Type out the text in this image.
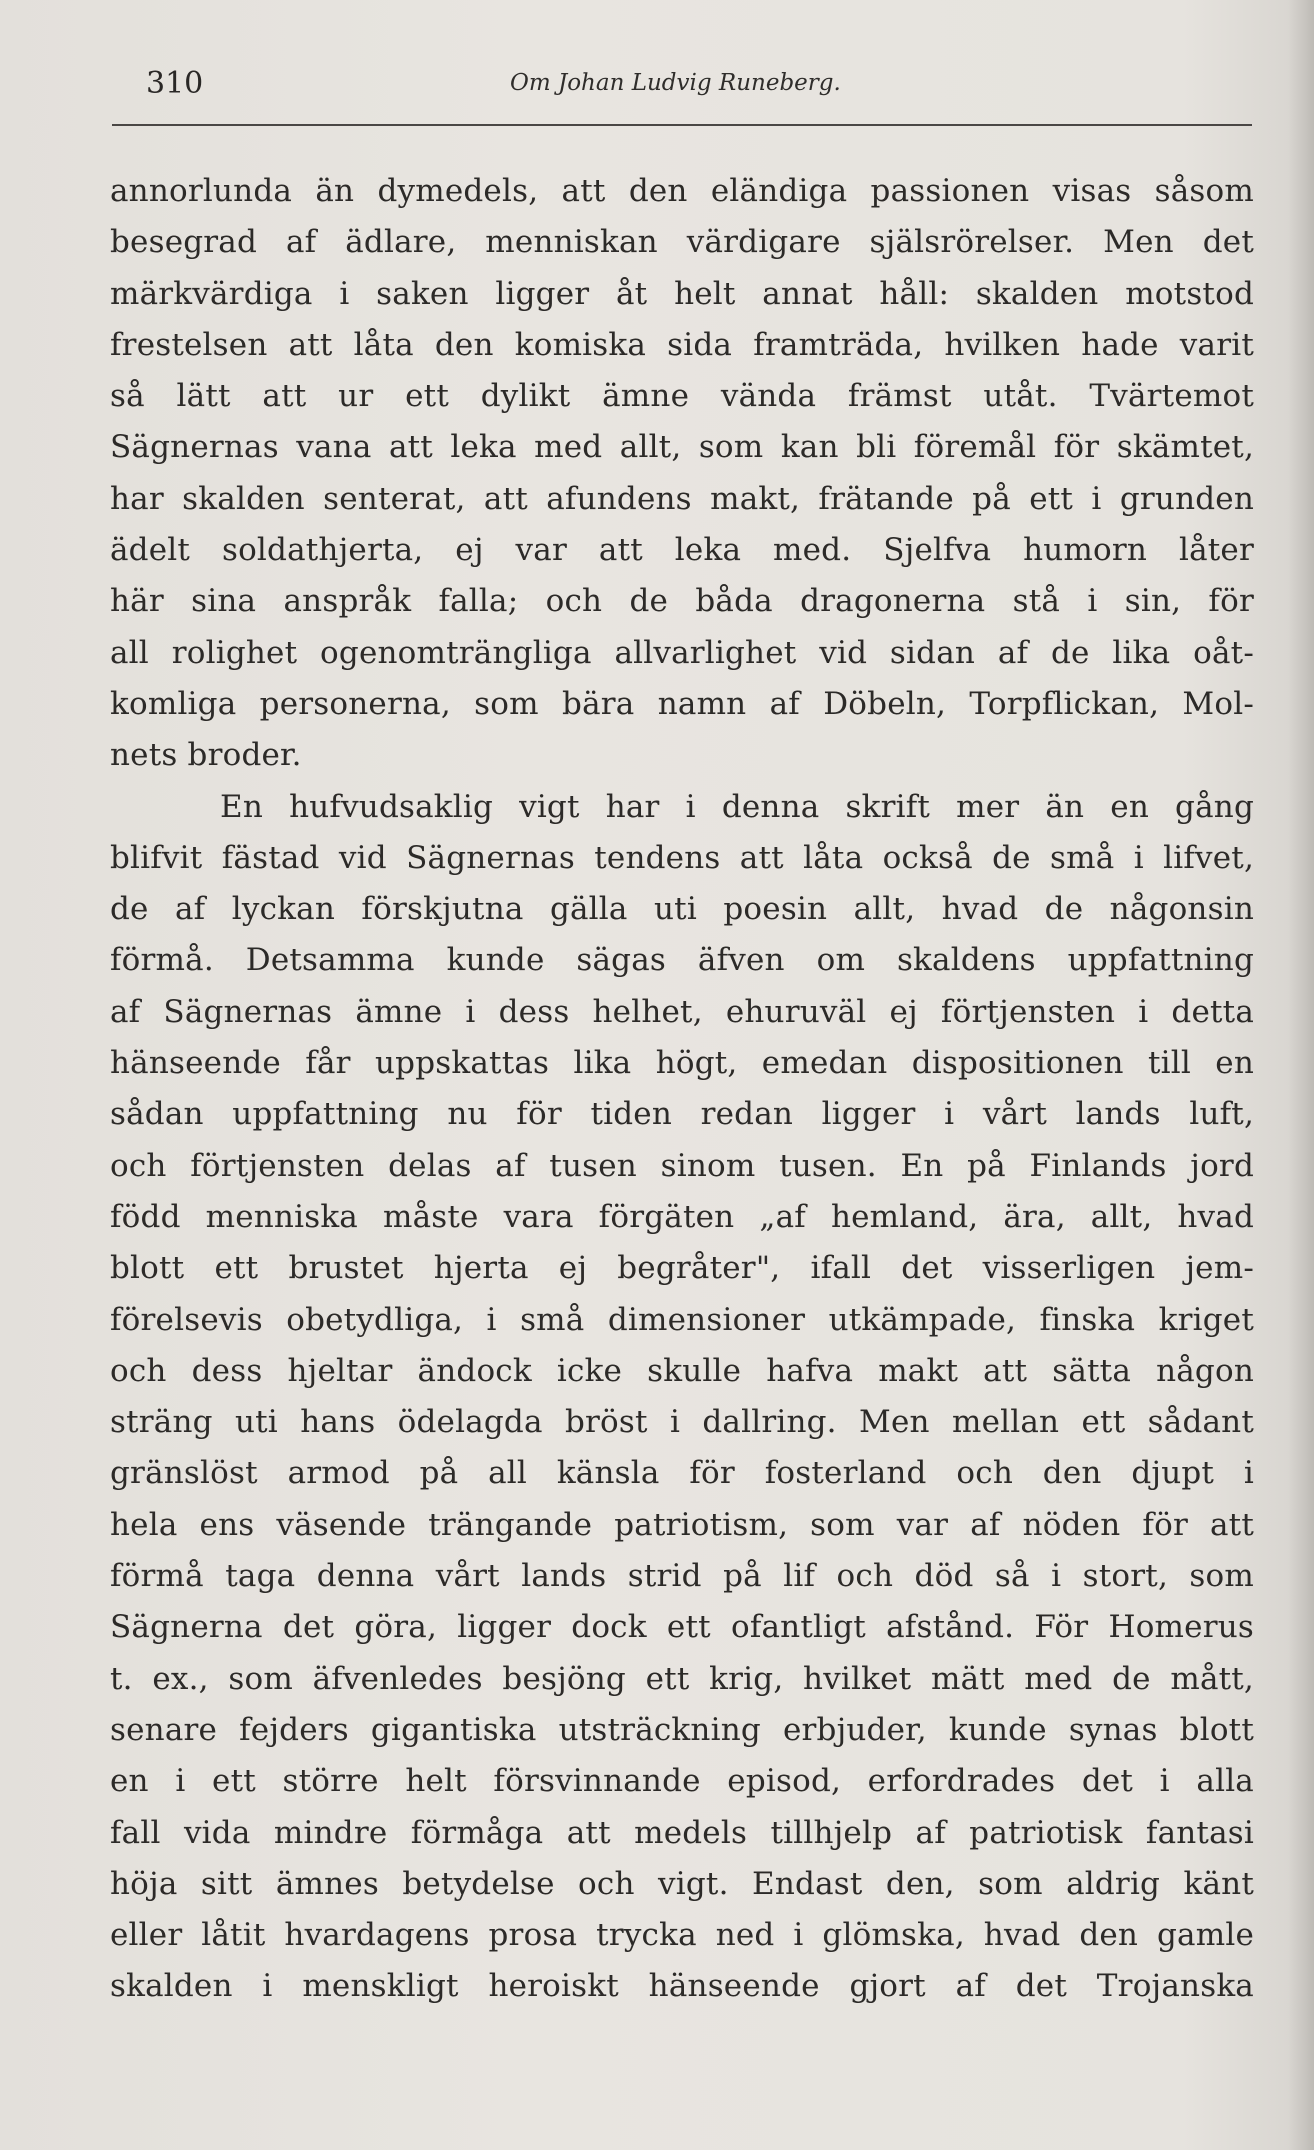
310	Om Johan Ludvig Runeberg.
annorlunda än dymedels, att den eländiga passionen visas såsom
besegrad af ädlare, menniskan värdigare själsrörelser. Men det
märkvärdiga i saken ligger åt helt annat håll: skalden motstod
frestelsen att låta den komiska sida framträda, hvilken hade varit
så lätt att ur ett dylikt ämne vända främst utåt. Tvärtemot
Sägnernas vana att leka med allt, som kan bli föremål för skämtet,
har skalden senterat, att afundens makt, frätande på ett i grunden
ädelt soldathjerta, ej var att leka med. Sjelfva humorn låter
här sina anspråk falla; och de båda dragonerna stå i sin, för
all rolighet ogenomträngliga allvarlighet vid sidan af de lika oåt-
komliga personerna, som bära namn af Döbeln, Torpflickan, Mol-
nets broder.
En hufvudsaklig vigt har i denna skrift mer än en gång
blifvit fästad vid Sägnernas tendens att låta också de små i lifvet,
de af lyckan förskjutna gälla uti poesin allt, hvad de någonsin
förmå. Detsamma kunde sägas äfven om skaldens uppfattning
af Sägnernas ämne i dess helhet, ehuruväl ej förtjensten i detta
hänseende får uppskattas lika högt, emedan dispositionen till en
sådan uppfattning nu för tiden redan ligger i vårt lands luft,
och förtjensten delas af tusen sinom tusen. En på Finlands jord
född menniska måste vara förgäten „af hemland, ära, allt, hvad
blott ett brustet hjerta ej begråter", ifall det visserligen jem-
förelsevis obetydliga, i små dimensioner utkämpade, finska kriget
och dess hjeltar ändock icke skulle hafva makt att sätta någon
sträng uti hans ödelagda bröst i dallring. Men mellan ett sådant
gränslöst armod på all känsla för fosterland och den djupt i
hela ens väsende trängande patriotism, som var af nöden för att
förmå taga denna vårt lands strid på lif och död så i stort, som
Sägnerna det göra, ligger dock ett ofantligt afstånd. För Homerus
t. ex., som äfvenledes besjöng ett krig, hvilket mätt med de mått,
senare fejders gigantiska utsträckning erbjuder, kunde synas blott
en i ett större helt försvinnande episod, erfordrades det i alla
fall vida mindre förmåga att medels tillhjelp af patriotisk fantasi
höja sitt ämnes betydelse och vigt. Endast den, som aldrig känt
eller låtit hvardagens prosa trycka ned i glömska, hvad den gamle
skalden i menskligt heroiskt hänseende gjort af det Trojanska
